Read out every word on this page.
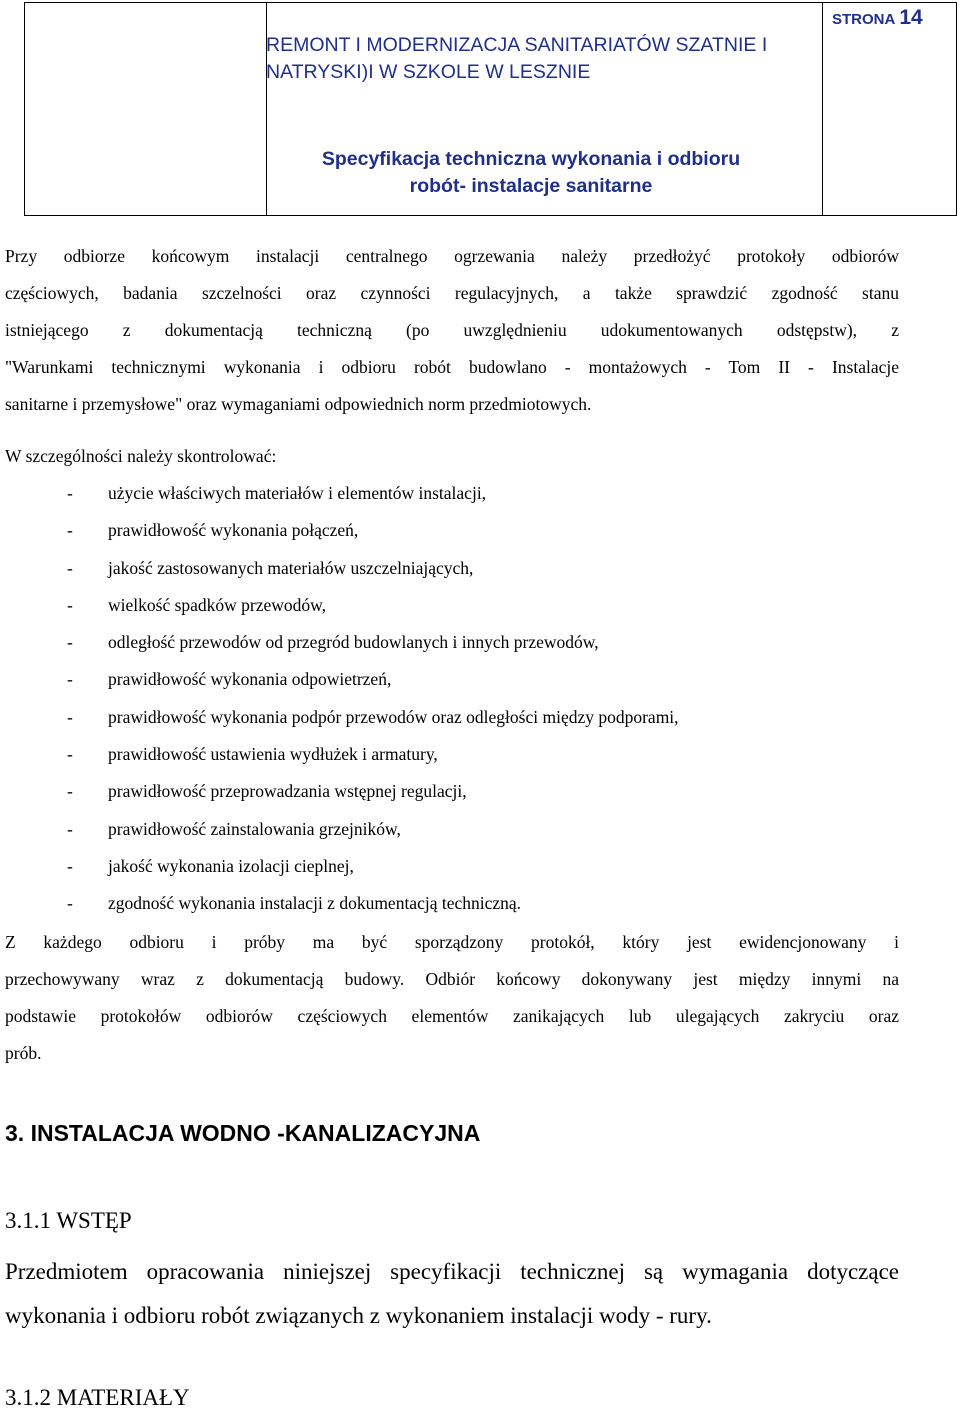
REMONT I MODERNIZACJA SANITARIATÓW SZATNIE I
NATRYSKI)I W SZKOLE W LESZNIE
STRONA 14
Specyfikacja techniczna wykonania i odbioru
robót- instalacje sanitarne
Przy odbiorze końcowym instalacji centralnego ogrzewania należy przedłożyć protokoły odbiorów
częściowych, badania szczelności oraz czynności regulacyjnych, a także sprawdzić zgodność stanu
istniejącego z dokumentacją techniczną (po uwzględnieniu udokumentowanych odstępstw), z
"Warunkami technicznymi wykonania i odbioru robót budowlano - montażowych - Tom II - Instalacje
sanitarne i przemysłowe" oraz wymaganiami odpowiednich norm przedmiotowych.
W szczególności należy skontrolować:
- użycie właściwych materiałów i elementów instalacji,
- prawidłowość wykonania połączeń,
- jakość zastosowanych materiałów uszczelniających,
- wielkość spadków przewodów,
- odległość przewodów od przegród budowlanych i innych przewodów,
- prawidłowość wykonania odpowietrzeń,
- prawidłowość wykonania podpór przewodów oraz odległości między podporami,
- prawidłowość ustawienia wydłużek i armatury,
- prawidłowość przeprowadzania wstępnej regulacji,
- prawidłowość zainstalowania grzejników,
- jakość wykonania izolacji cieplnej,
- zgodność wykonania instalacji z dokumentacją techniczną.
Z każdego odbioru i próby ma być sporządzony protokół, który jest ewidencjonowany i
przechowywany wraz z dokumentacją budowy. Odbiór końcowy dokonywany jest między innymi na
podstawie protokołów odbiorów częściowych elementów zanikających lub ulegających zakryciu oraz
prób.
3. INSTALACJA WODNO -KANALIZACYJNA
3.1.1 WSTĘP
Przedmiotem opracowania niniejszej specyfikacji technicznej są wymagania dotyczące
wykonania i odbioru robót związanych z wykonaniem instalacji wody - rury.
3.1.2 MATERIAŁY
